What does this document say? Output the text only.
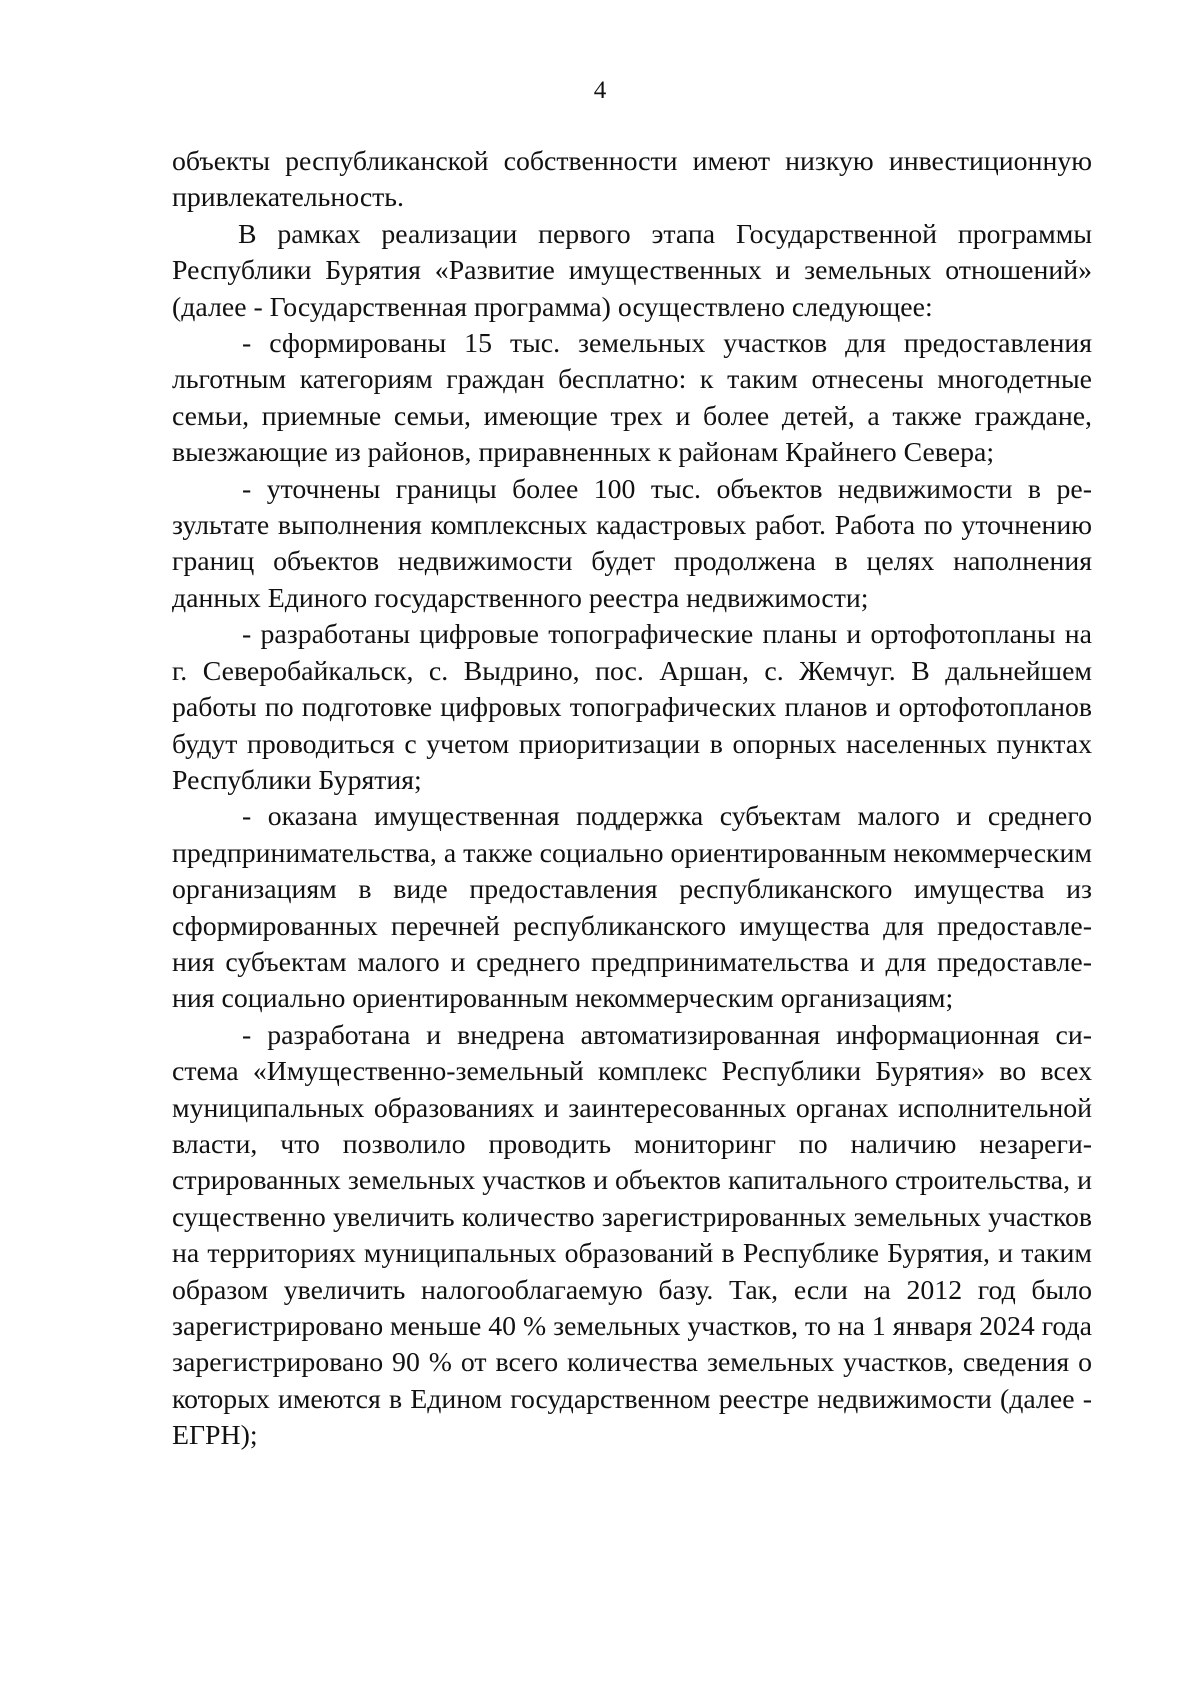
4

объекты республиканской собственности имеют низкую инвестиционную привлекательность.

В рамках реализации первого этапа Государственной программы Республики Бурятия «Развитие имущественных и земельных отношений» (далее - Государственная программа) осуществлено следующее:

- сформированы 15 тыс. земельных участков для предоставления льготным категориям граждан бесплатно: к таким отнесены многодетные семьи, приемные семьи, имеющие трех и более детей, а также граждане, выезжающие из районов, приравненных к районам Крайнего Севера;

- уточнены границы более 100 тыс. объектов недвижимости в результате выполнения комплексных кадастровых работ. Работа по уточнению границ объектов недвижимости будет продолжена в целях наполнения данных Единого государственного реестра недвижимости;

- разработаны цифровые топографические планы и ортофотопланы на г. Северобайкальск, с. Выдрино, пос. Аршан, с. Жемчуг. В дальнейшем работы по подготовке цифровых топографических планов и ортофотопланов будут проводиться с учетом приоритизации в опорных населенных пунктах Республики Бурятия;

- оказана имущественная поддержка субъектам малого и среднего предпринимательства, а также социально ориентированным некоммерческим организациям в виде предоставления республиканского имущества из сформированных перечней республиканского имущества для предоставления субъектам малого и среднего предпринимательства и для предоставления социально ориентированным некоммерческим организациям;

- разработана и внедрена автоматизированная информационная система «Имущественно-земельный комплекс Республики Бурятия» во всех муниципальных образованиях и заинтересованных органах исполнительной власти, что позволило проводить мониторинг по наличию незарегистрированных земельных участков и объектов капитального строительства, и существенно увеличить количество зарегистрированных земельных участков на территориях муниципальных образований в Республике Бурятия, и таким образом увеличить налогооблагаемую базу. Так, если на 2012 год было зарегистрировано меньше 40 % земельных участков, то на 1 января 2024 года зарегистрировано 90 % от всего количества земельных участков, сведения о которых имеются в Едином государственном реестре недвижимости (далее - ЕГРН);
